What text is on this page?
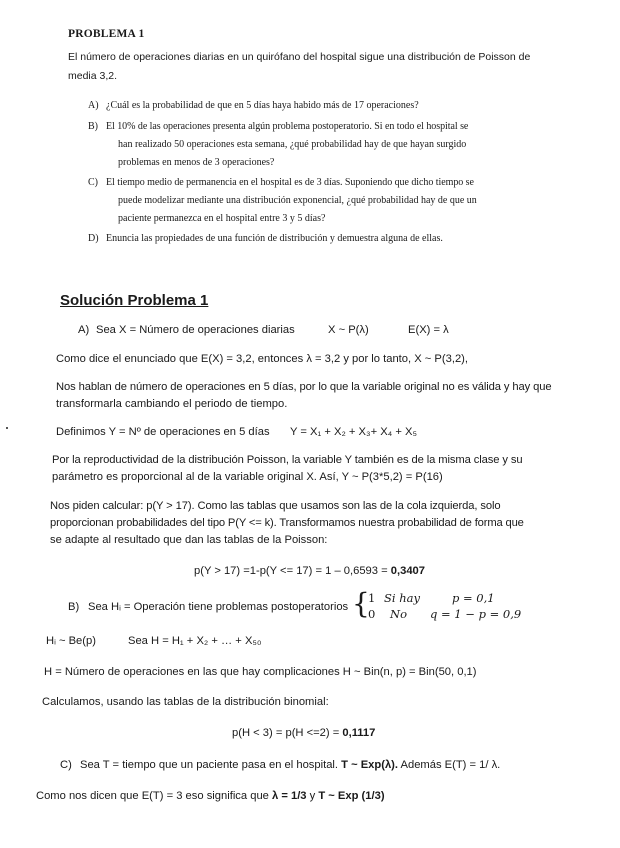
PROBLEMA 1
El número de operaciones diarias en un quirófano del hospital sigue una distribución de Poisson de
media 3,2.
A) ¿Cuál es la probabilidad de que en 5 días haya habido más de 17 operaciones?
B) El 10% de las operaciones presenta algún problema postoperatorio. Si en todo el hospital se
han realizado 50 operaciones esta semana, ¿qué probabilidad hay de que hayan surgido
problemas en menos de 3 operaciones?
C) El tiempo medio de permanencia en el hospital es de 3 días. Suponiendo que dicho tiempo se
puede modelizar mediante una distribución exponencial, ¿qué probabilidad hay de que un
paciente permanezca en el hospital entre 3 y 5 días?
D) Enuncia las propiedades de una función de distribución y demuestra alguna de ellas.
Solución Problema 1
A) Sea X = Número de operaciones diarias	X ~ P(λ)	E(X) = λ
Como dice el enunciado que E(X) = 3,2, entonces λ = 3,2 y por lo tanto, X ~ P(3,2),
Nos hablan de número de operaciones en 5 días, por lo que la variable original no es válida y hay que
transformarla cambiando el periodo de tiempo.
Definimos Y = Nº de operaciones en 5 días Y = X₁ + X₂ + X₃+ X₄ + X₅
Por la reproductividad de la distribución Poisson, la variable Y también es de la misma clase y su
parámetro es proporcional al de la variable original X. Así, Y ~ P(3*5,2) = P(16)
Nos piden calcular: p(Y > 17). Como las tablas que usamos son las de la cola izquierda, solo
proporcionan probabilidades del tipo P(Y <= k). Transformamos nuestra probabilidad de forma que
se adapte al resultado que dan las tablas de la Poisson:
p(Y > 17) =1-p(Y <= 17) = 1 – 0,6593 = 0,3407
B) Sea Hᵢ = Operación tiene problemas postoperatorios {
1 Si hay	p = 0,1
0 No q = 1 − p = 0,9
Hᵢ ~ Be(p)	Sea H = H₁ + X₂ + … + X₅₀
H = Número de operaciones en las que hay complicaciones H ~ Bin(n, p) = Bin(50, 0,1)
Calculamos, usando las tablas de la distribución binomial:
p(H < 3) = p(H <=2) = 0,1117
C) Sea T = tiempo que un paciente pasa en el hospital. T ~ Exp(λ). Además E(T) = 1/ λ.
Como nos dicen que E(T) = 3 eso significa que λ = 1/3 y T ~ Exp (1/3)
